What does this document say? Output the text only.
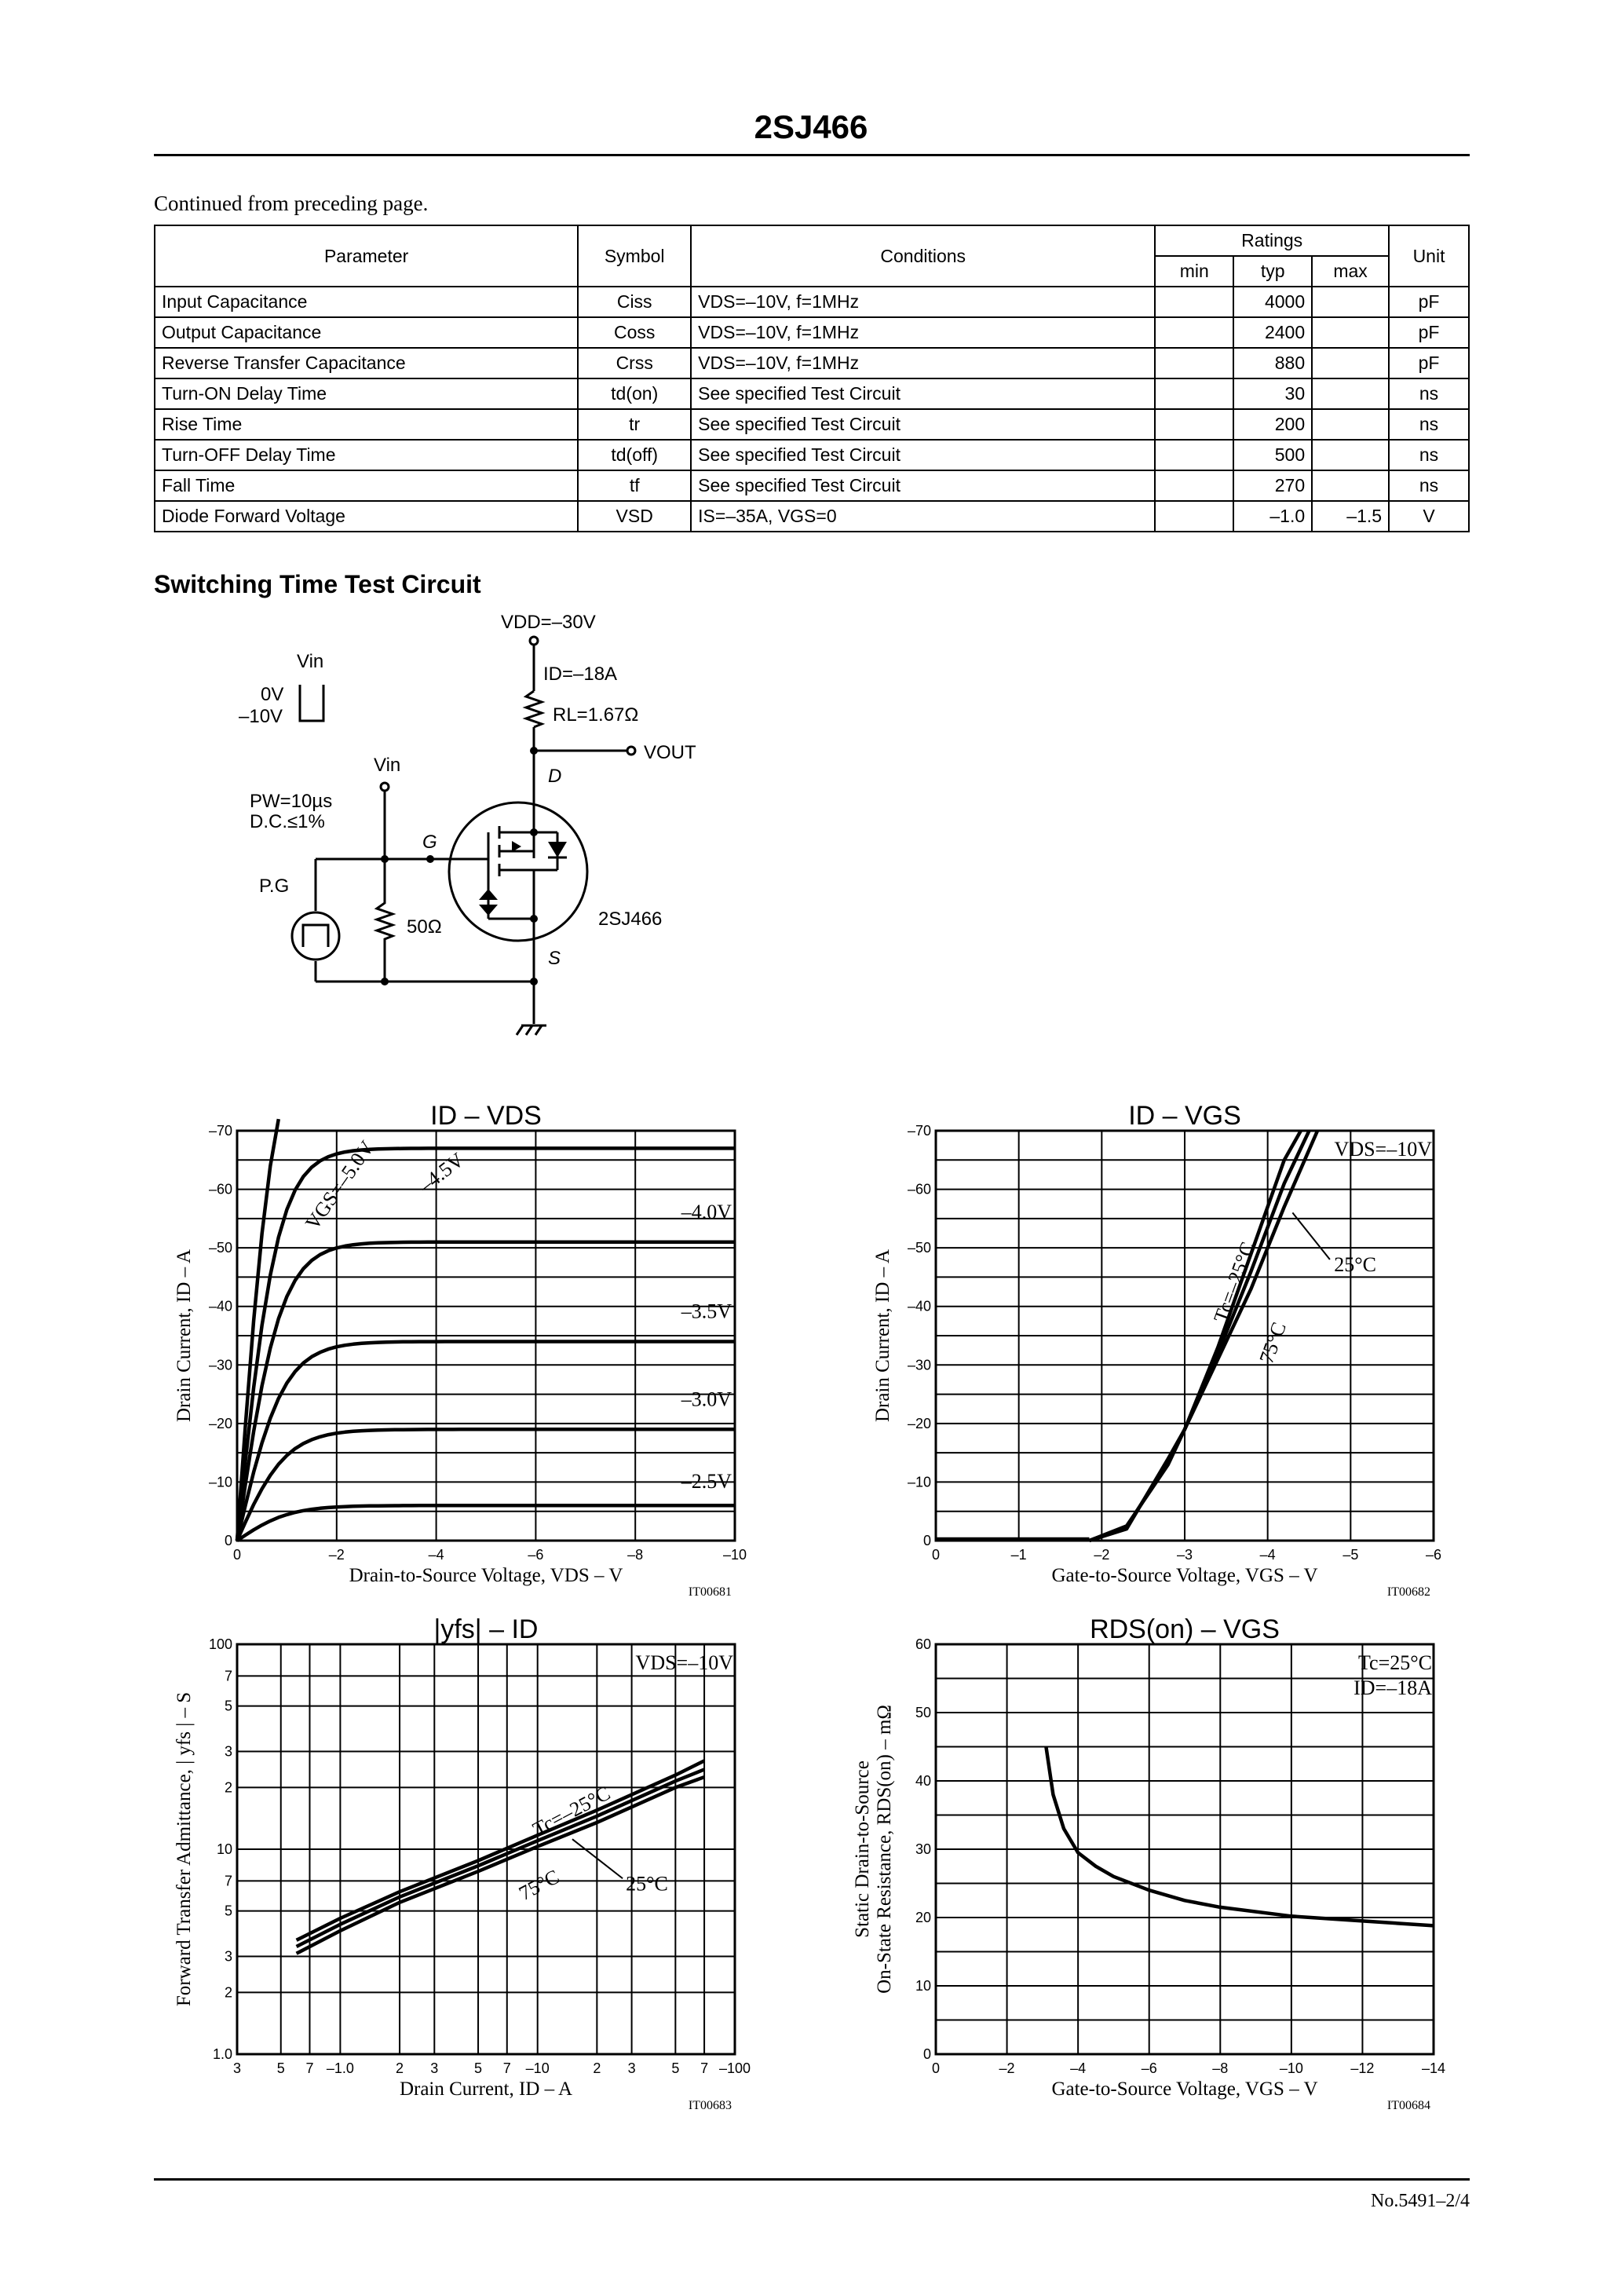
2SJ466
Continued from preceding page.
Parameter	Symbol	Conditions	Ratings			Unit
			min	typ	max	
Input Capacitance	Ciss	VDS=–10V, f=1MHz		4000		pF
Output Capacitance	Coss	VDS=–10V, f=1MHz		2400		pF
Reverse Transfer Capacitance	Crss	VDS=–10V, f=1MHz		880		pF
Turn-ON Delay Time	td(on)	See specified Test Circuit		30		ns
Rise Time	tr	See specified Test Circuit		200		ns
Turn-OFF Delay Time	td(off)	See specified Test Circuit		500		ns
Fall Time	tf	See specified Test Circuit		270		ns
Diode Forward Voltage	VSD	IS=–35A, VGS=0		–1.0	–1.5	V
Switching Time Test Circuit
VDD=–30V
ID=–18A
RL=1.67Ω
VOUT
D
G
S
2SJ466
Vin
0V
–10V
Vin
PW=10µs
D.C.≤1%
P.G
50Ω
ID – VDS
0	–2	–4	–6	–8	–10
0
–10
–20
–30
–40
–50
–60
–70
Drain-to-Source Voltage, VDS – V
IT00681
Drain Current, ID – A
–4.0V
–3.5V
–3.0V
–2.5V
VGS=–5.0V –4.5V
ID – VGS
0	–1	–2	–3	–4	–5	–6
0
–10
–20
–30
–40
–50
–60
–70
Gate-to-Source Voltage, VGS – V
IT00682
Drain Current, ID – A
VDS=–10V
Tc=–25°C	25°C
75°C
|yfs| – ID
3	5 7 –1.0	2 3	5 7 –10	2 3	5 7 –100
1.0
2
3
5
7
10
2
3
5
7
100
Drain Current, ID – A
IT00683
Forward Transfer Admittance, | yfs | – S
VDS=–10V
Tc=–25°C
25°C
75°C
RDS(on) – VGS
0	–2	–4	–6	–8	–10	–12	–14
0
10
20
30
40
50
60
Gate-to-Source Voltage, VGS – V
IT00684
Static Drain-to-Source On-State Resistance, RDS(on) – mΩ
Tc=25°C
ID=–18A
No.5491–2/4
